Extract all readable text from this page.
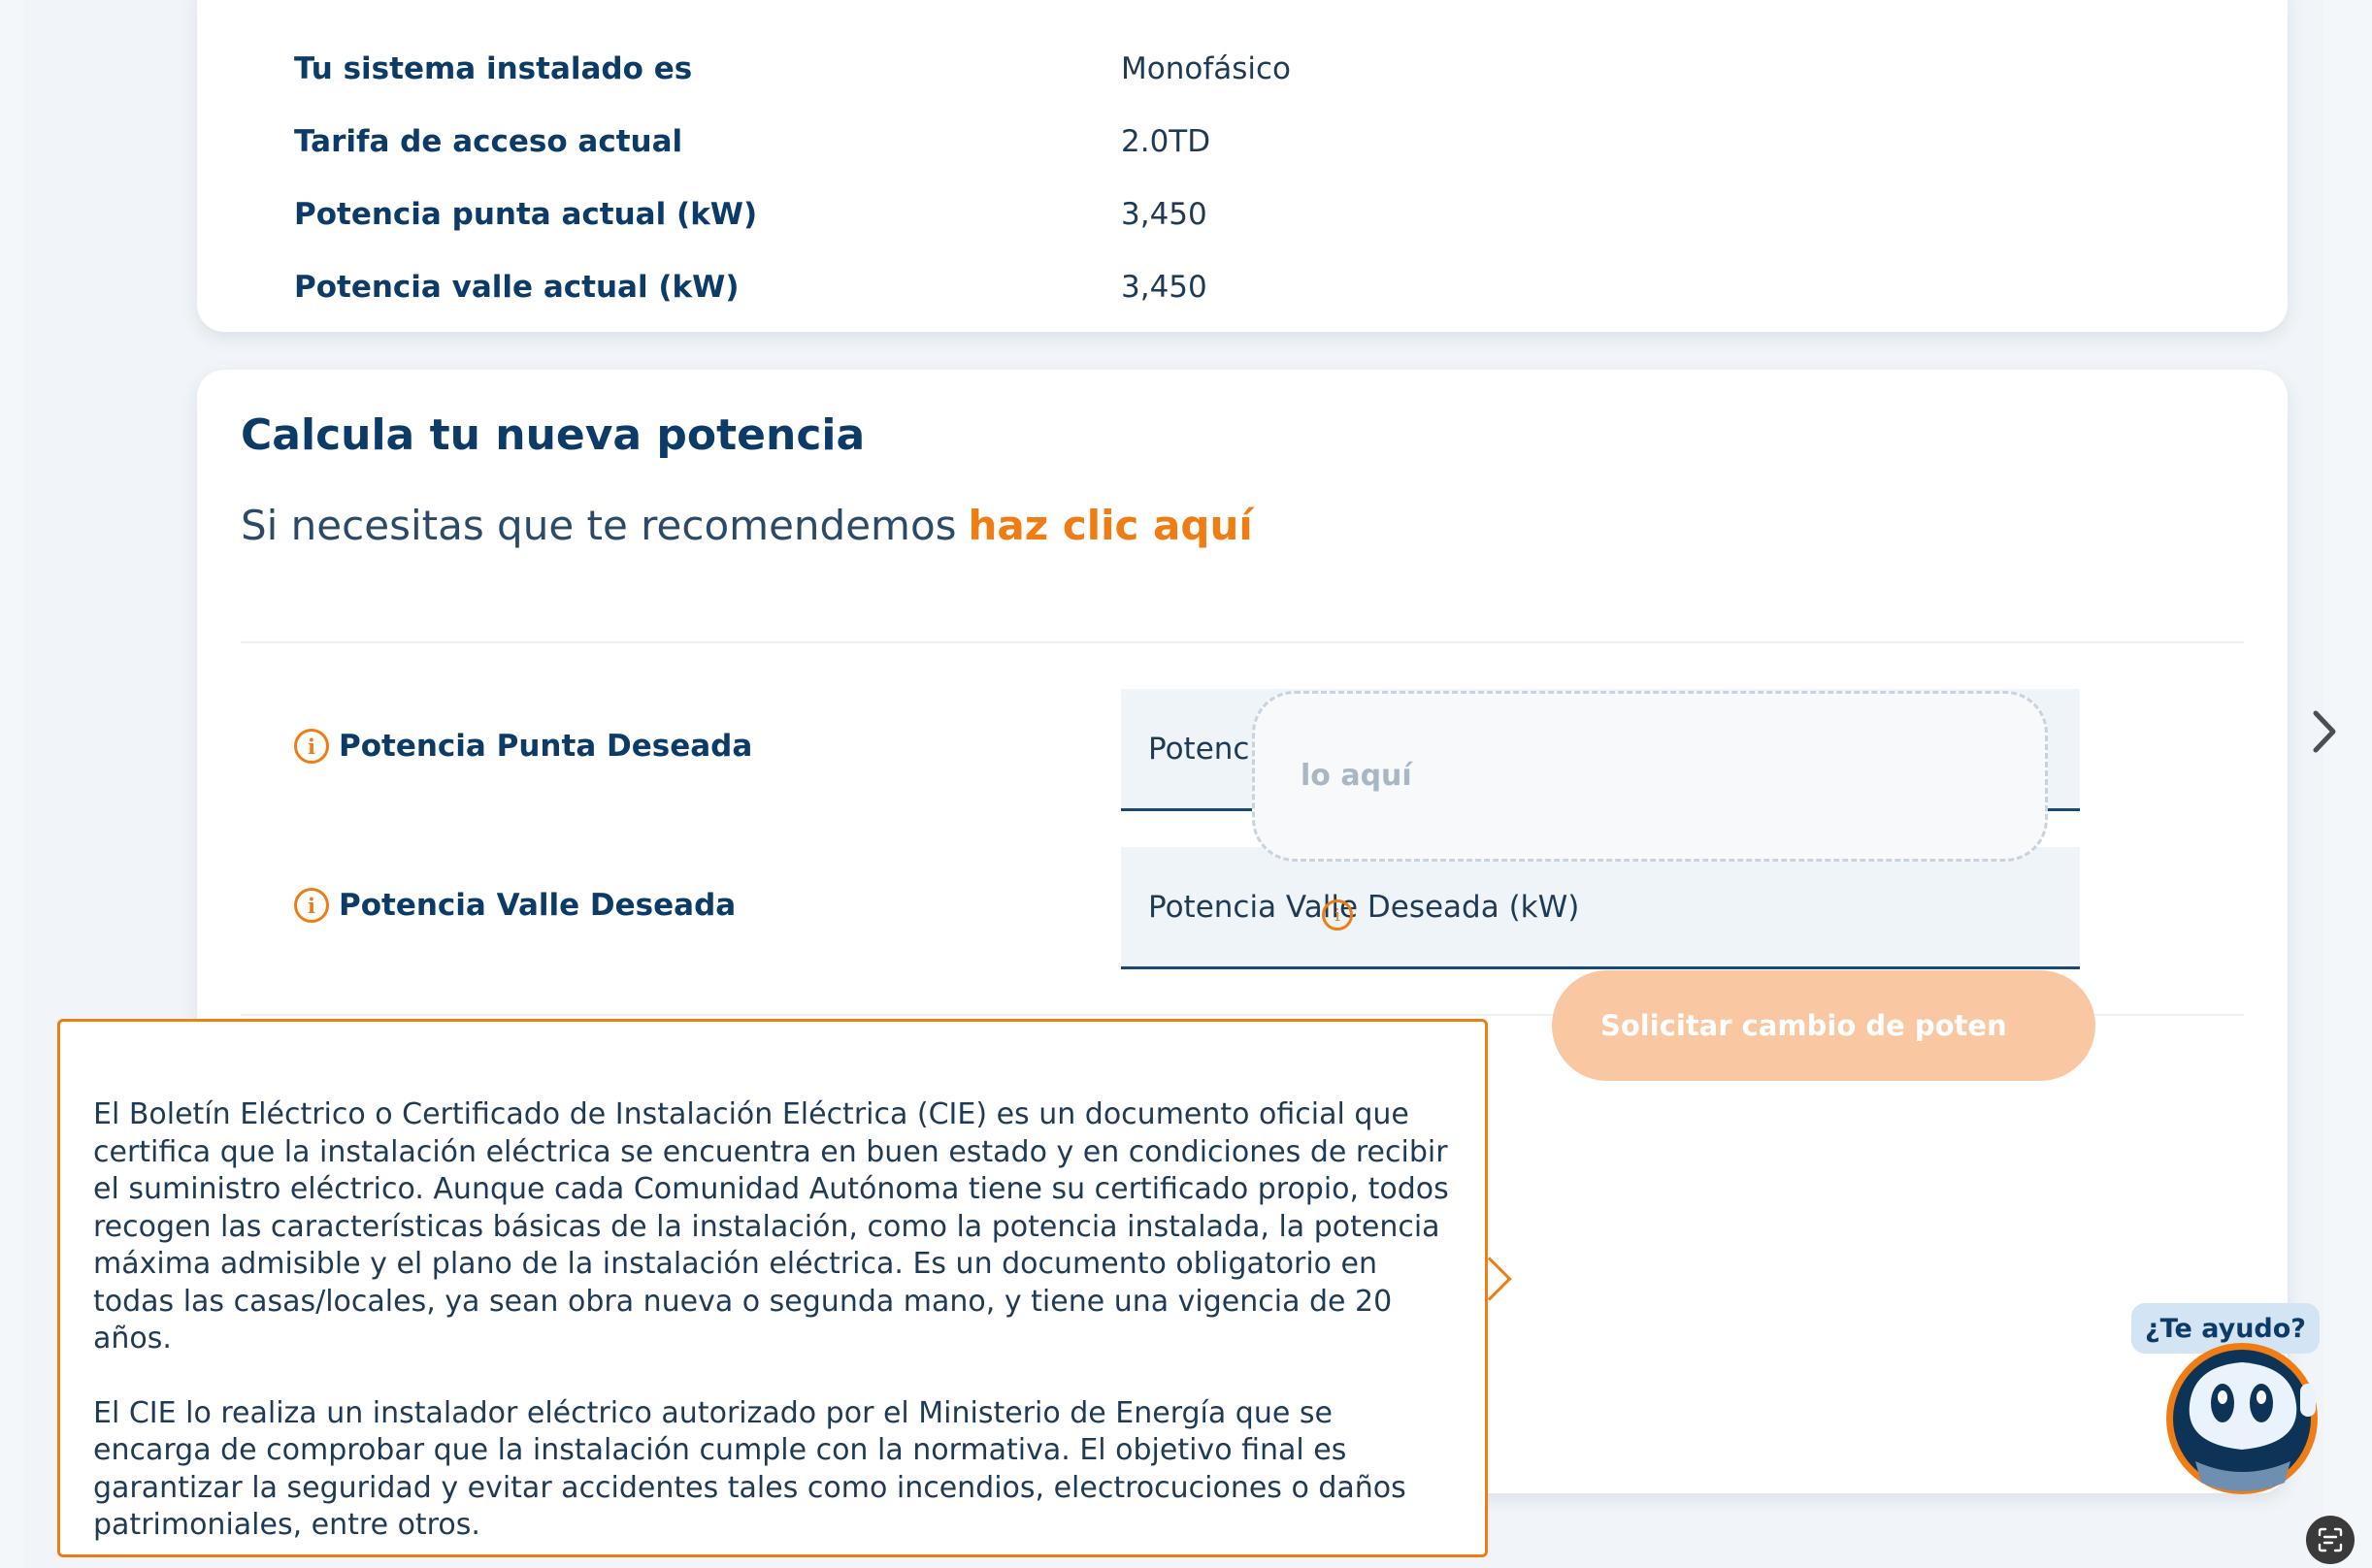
Tu sistema instalado es	Monofásico
Tarifa de acceso actual	2.0TD
Potencia punta actual (kW)	3,450
Potencia valle actual (kW)	3,450
Calcula tu nueva potencia
Si necesitas que te recomendemos haz clic aquí
i Potencia Punta Deseada
Potencia Punta Deseada (kW)
i Potencia Valle Deseada
Potencia Valle Deseada (kW)
lo aquí
i
Solicitar cambio de poten

El Boletín Eléctrico o Certificado de Instalación Eléctrica (CIE) es un documento oficial que certifica que la instalación eléctrica se encuentra en buen estado y en condiciones de recibir el suministro eléctrico. Aunque cada Comunidad Autónoma tiene su certificado propio, todos recogen las características básicas de la instalación, como la potencia instalada, la potencia máxima admisible y el plano de la instalación eléctrica. Es un documento obligatorio en todas las casas/locales, ya sean obra nueva o segunda mano, y tiene una vigencia de 20 años.

El CIE lo realiza un instalador eléctrico autorizado por el Ministerio de Energía que se encarga de comprobar que la instalación cumple con la normativa. El objetivo final es garantizar la seguridad y evitar accidentes tales como incendios, electrocuciones o daños patrimoniales, entre otros.

¿Te ayudo?
